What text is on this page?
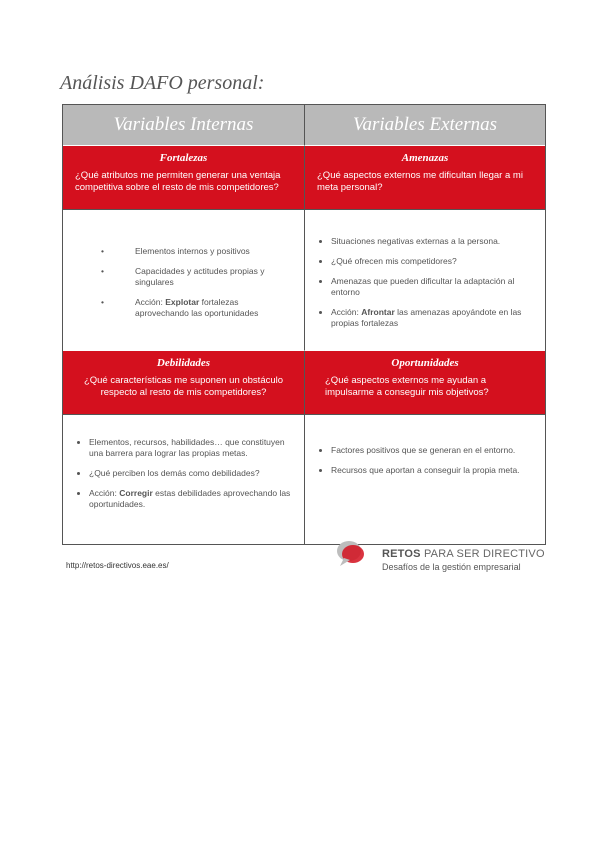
Análisis DAFO personal:
Variables Internas	Variables Externas
Fortalezas
¿Qué atributos me permiten generar una ventaja competitiva sobre el resto de mis competidores?
Amenazas
¿Qué aspectos externos me dificultan llegar a mi meta personal?
• Elementos internos y positivos
• Capacidades y actitudes propias y singulares
• Acción: Explotar fortalezas aprovechando las oportunidades
• Situaciones negativas externas a la persona.
• ¿Qué ofrecen mis competidores?
• Amenazas que pueden dificultar la adaptación al entorno
• Acción: Afrontar las amenazas apoyándote en las propias fortalezas
Debilidades
¿Qué características me suponen un obstáculo respecto al resto de mis competidores?
Oportunidades
¿Qué aspectos externos me ayudan a impulsarme a conseguir mis objetivos?
• Elementos, recursos, habilidades… que constituyen una barrera para lograr las propias metas.
• ¿Qué perciben los demás como debilidades?
• Acción: Corregir estas debilidades aprovechando las oportunidades.
• Factores positivos que se generan en el entorno.
• Recursos que aportan a conseguir la propia meta.
http://retos-directivos.eae.es/
RETOS PARA SER DIRECTIVO
Desafíos de la gestión empresarial
